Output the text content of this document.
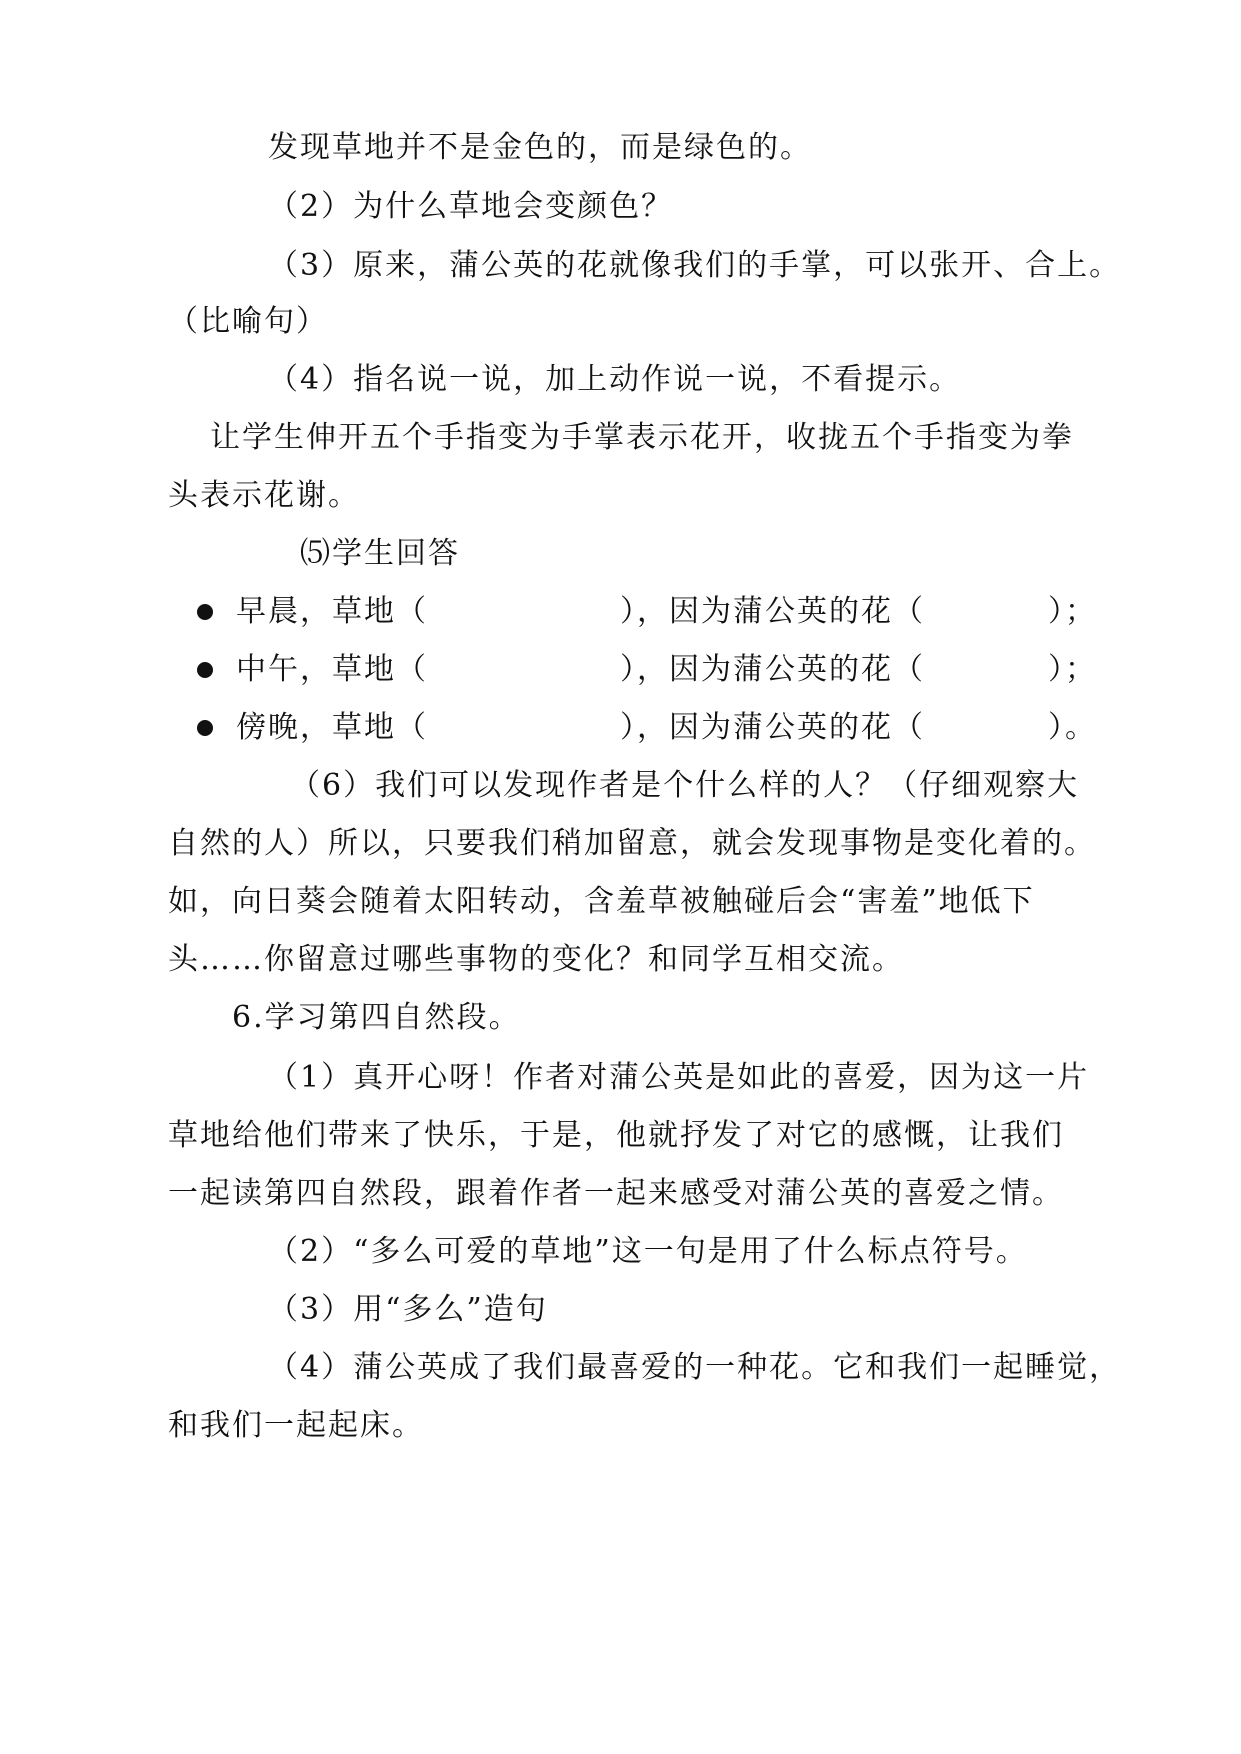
发现草地并不是金色的，而是绿色的。
（2）为什么草地会变颜色？
（3）原来，蒲公英的花就像我们的手掌，可以张开、合上。
（比喻句）
（4）指名说一说，加上动作说一说，不看提示。
让学生伸开五个手指变为手掌表示花开，收拢五个手指变为拳
头表示花谢。
⑸学生回答
早晨，草地（	），因为蒲公英的花（	）；
中午，草地（	），因为蒲公英的花（	）；
傍晚，草地（	），因为蒲公英的花（	）。
（6）我们可以发现作者是个什么样的人？（仔细观察大
自然的人）所以，只要我们稍加留意，就会发现事物是变化着的。
如，向日葵会随着太阳转动，含羞草被触碰后会“害羞”地低下
头……你留意过哪些事物的变化？和同学互相交流。
6.学习第四自然段。
（1）真开心呀！作者对蒲公英是如此的喜爱，因为这一片
草地给他们带来了快乐，于是，他就抒发了对它的感慨，让我们
一起读第四自然段，跟着作者一起来感受对蒲公英的喜爱之情。
（2）“多么可爱的草地”这一句是用了什么标点符号。
（3）用“多么”造句
（4）蒲公英成了我们最喜爱的一种花。它和我们一起睡觉，
和我们一起起床。
